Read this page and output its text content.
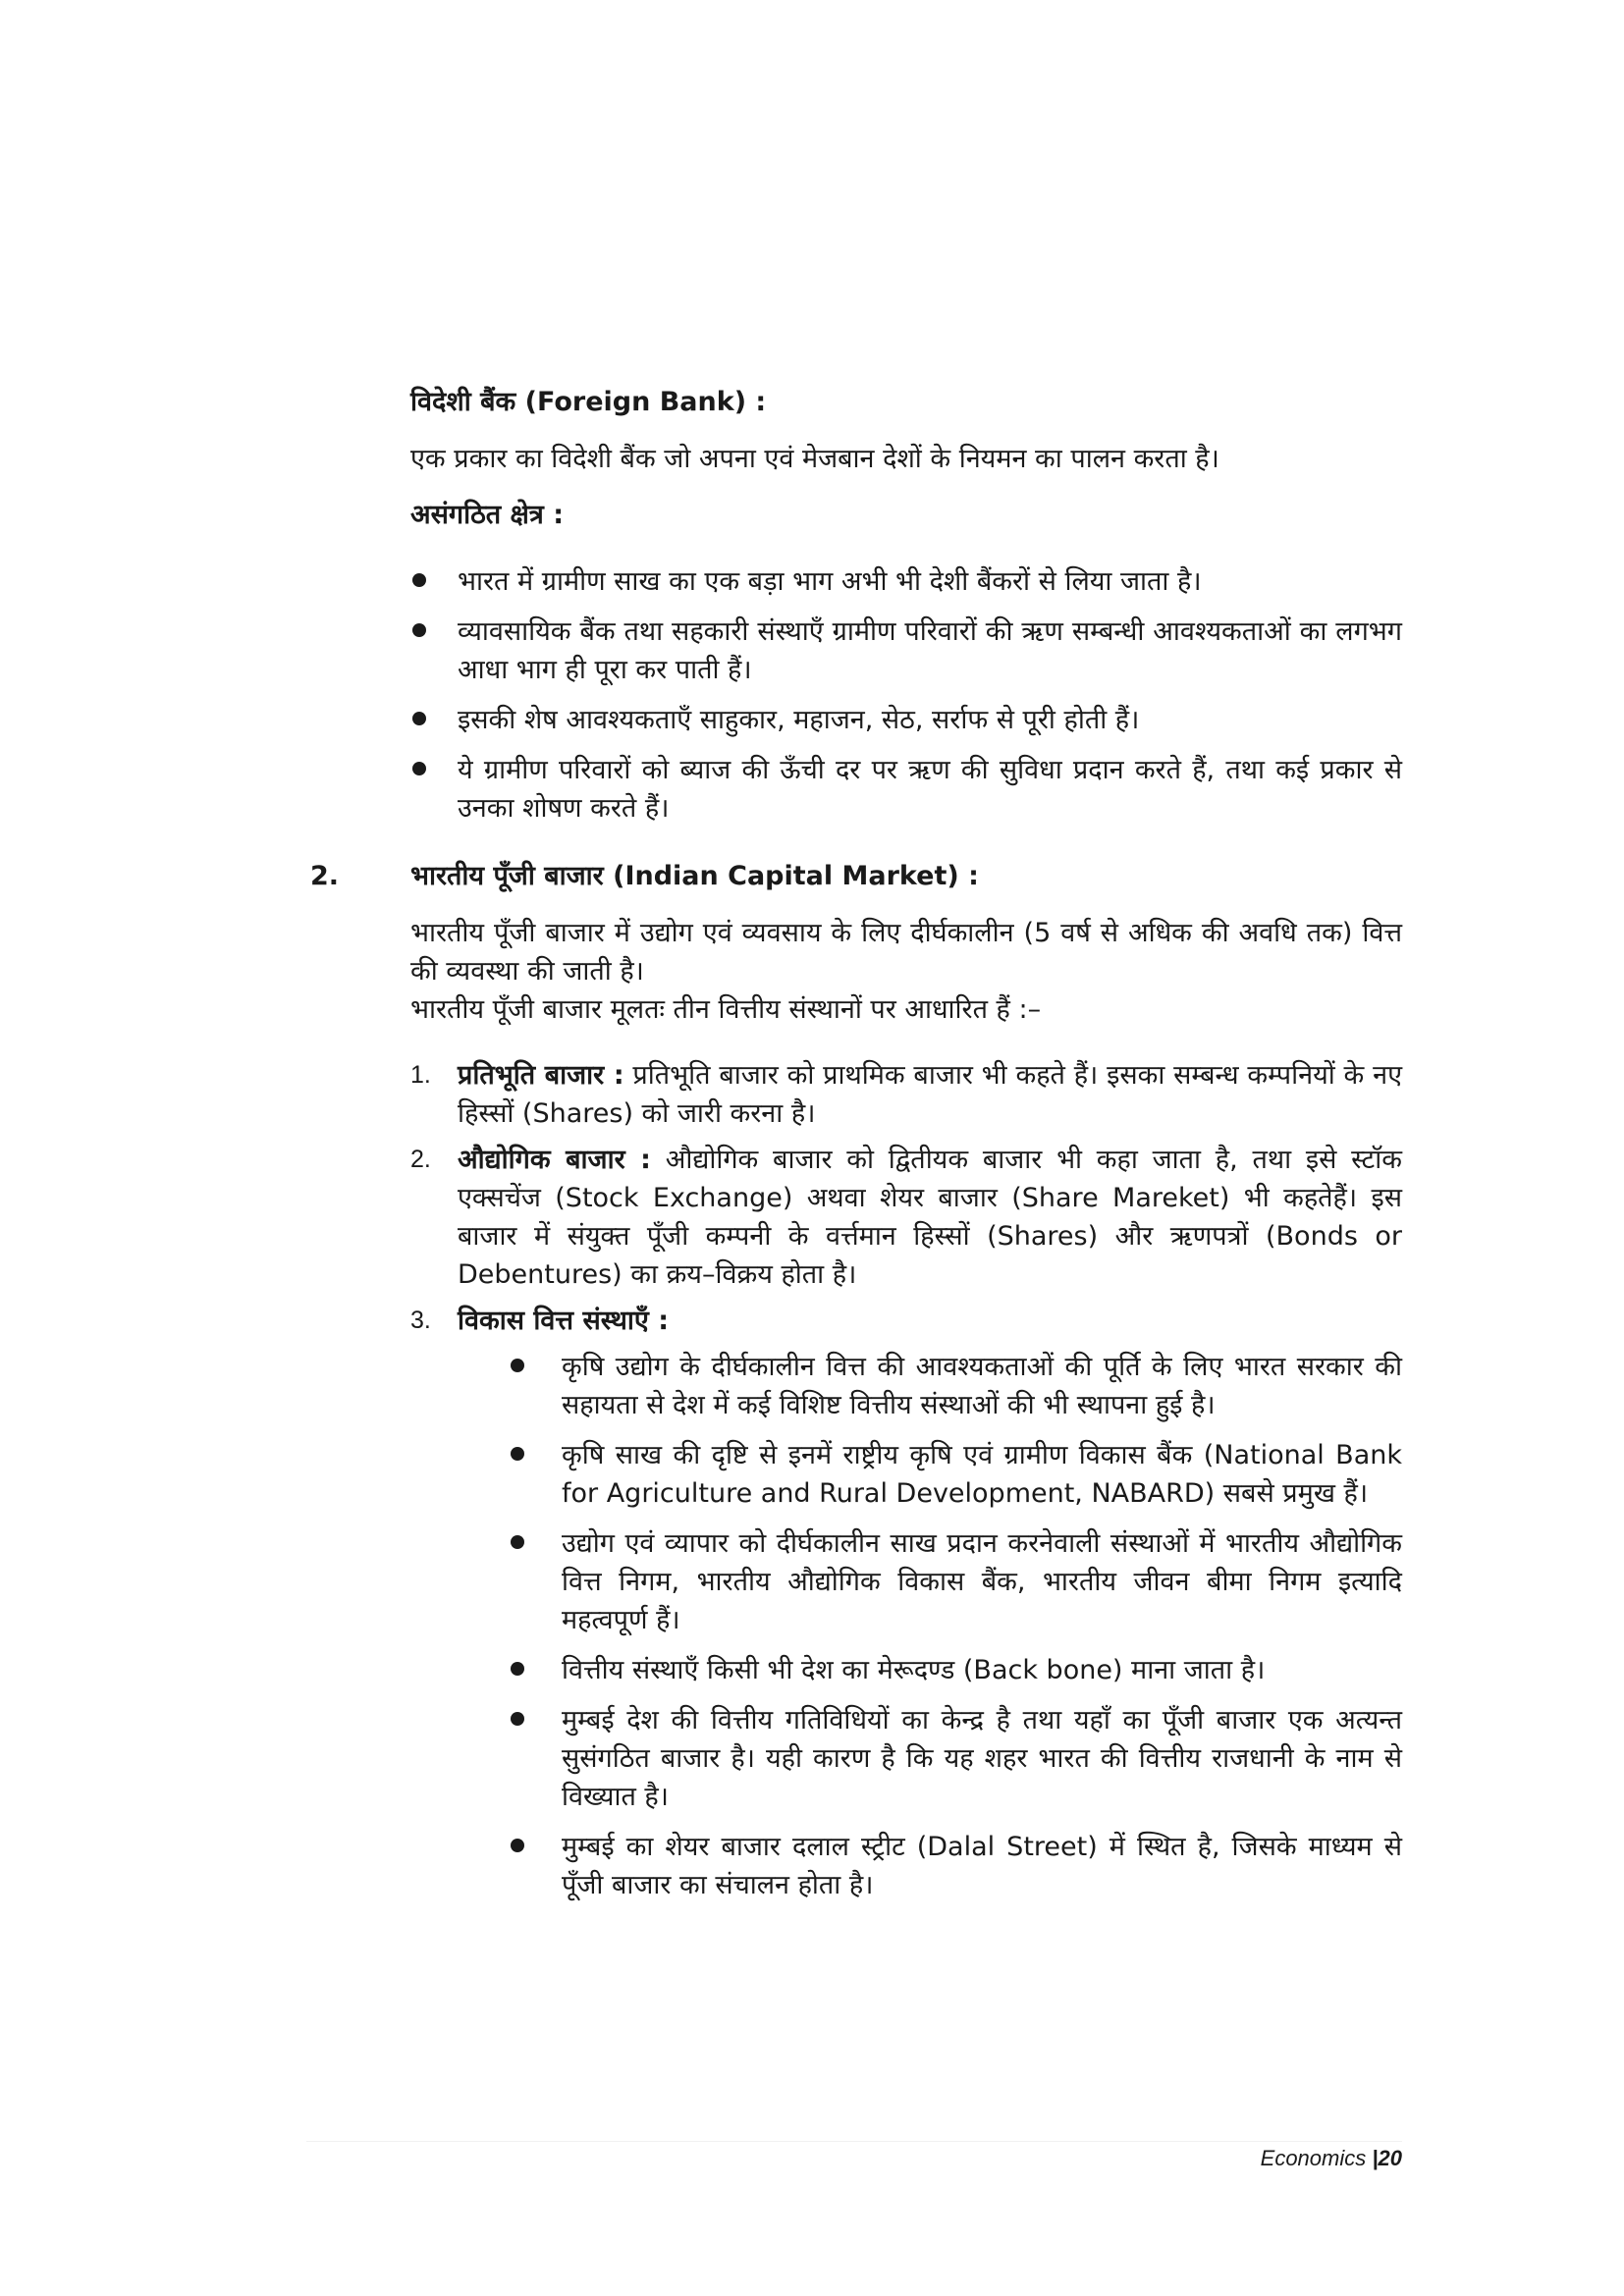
विदेशी बैंक (Foreign Bank) :

एक प्रकार का विदेशी बैंक जो अपना एवं मेजबान देशों के नियमन का पालन करता है।

असंगठित क्षेत्र :
भारत में ग्रामीण साख का एक बड़ा भाग अभी भी देशी बैंकरों से लिया जाता है।
व्यावसायिक बैंक तथा सहकारी संस्थाएँ ग्रामीण परिवारों की ऋण सम्बन्धी आवश्यकताओं का लगभग आधा भाग ही पूरा कर पाती हैं।
इसकी शेष आवश्यकताएँ साहुकार, महाजन, सेठ, सर्राफ से पूरी होती हैं।
ये ग्रामीण परिवारों को ब्याज की ऊँची दर पर ऋण की सुविधा प्रदान करते हैं, तथा कई प्रकार से उनका शोषण करते हैं।
2.	भारतीय पूँजी बाजार (Indian Capital Market) :

भारतीय पूँजी बाजार में उद्योग एवं व्यवसाय के लिए दीर्घकालीन (5 वर्ष से अधिक की अवधि तक) वित्त की व्यवस्था की जाती है।

भारतीय पूँजी बाजार मूलतः तीन वित्तीय संस्थानों पर आधारित हैं :–

1. प्रतिभूति बाजार : प्रतिभूति बाजार को प्राथमिक बाजार भी कहते हैं। इसका सम्बन्ध कम्पनियों के नए हिस्सों (Shares) को जारी करना है।
2. औद्योगिक बाजार : औद्योगिक बाजार को द्वितीयक बाजार भी कहा जाता है, तथा इसे स्टॉक एक्सचेंज (Stock Exchange) अथवा शेयर बाजार (Share Mareket) भी कहतेहैं। इस बाजार में संयुक्त पूँजी कम्पनी के वर्त्तमान हिस्सों (Shares) और ऋणपत्रों (Bonds or Debentures) का क्रय–विक्रय होता है।
3. विकास वित्त संस्थाएँ :
कृषि उद्योग के दीर्घकालीन वित्त की आवश्यकताओं की पूर्ति के लिए भारत सरकार की सहायता से देश में कई विशिष्ट वित्तीय संस्थाओं की भी स्थापना हुई है।
कृषि साख की दृष्टि से इनमें राष्ट्रीय कृषि एवं ग्रामीण विकास बैंक (National Bank for Agriculture and Rural Development, NABARD) सबसे प्रमुख हैं।
उद्योग एवं व्यापार को दीर्घकालीन साख प्रदान करनेवाली संस्थाओं में भारतीय औद्योगिक वित्त निगम, भारतीय औद्योगिक विकास बैंक, भारतीय जीवन बीमा निगम इत्यादि महत्वपूर्ण हैं।
वित्तीय संस्थाएँ किसी भी देश का मेरूदण्ड (Back bone) माना जाता है।
मुम्बई देश की वित्तीय गतिविधियों का केन्द्र है तथा यहाँ का पूँजी बाजार एक अत्यन्त सुसंगठित बाजार है। यही कारण है कि यह शहर भारत की वित्तीय राजधानी के नाम से विख्यात है।
मुम्बई का शेयर बाजार दलाल स्ट्रीट (Dalal Street) में स्थित है, जिसके माध्यम से पूँजी बाजार का संचालन होता है।
Economics |20
